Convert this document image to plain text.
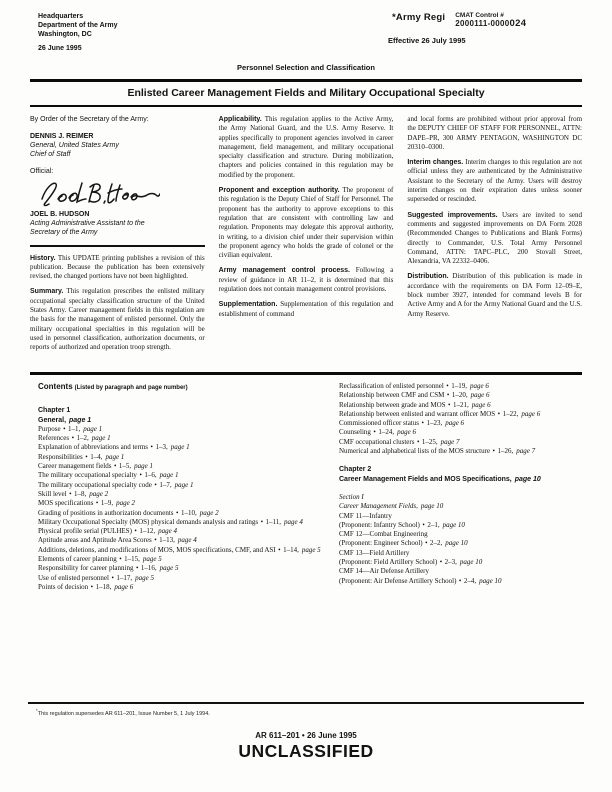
Headquarters
Department of the Army
Washington, DC
26 June 1995
*Army Regi CMAT Control #
2000111-0000024
Effective 26 July 1995
Personnel Selection and Classification
Enlisted Career Management Fields and Military Occupational Specialty
By Order of the Secretary of the Army:
DENNIS J. REIMER
General, United States Army
Chief of Staff
Official:
JOEL B. HUDSON
Acting Administrative Assistant to the
Secretary of the Army

History. This UPDATE printing publishes a revision of this publication. Because the publication has been extensively revised, the changed portions have not been highlighted.

Summary. This regulation prescribes the enlisted military occupational specialty classification structure of the United States Army. Career management fields in this regulation are the basis for the management of enlisted personnel. Only the military occupational specialties in this regulation will be used in personnel classification, authorization documents, or reports of authorized and operation troop strength.

Applicability. This regulation applies to the Active Army, the Army National Guard, and the U.S. Army Reserve. It applies specifically to proponent agencies involved in career management, field management, and military occupational specialty classification and structure. During mobilization, chapters and policies contained in this regulation may be modified by the proponent.

Proponent and exception authority. The proponent of this regulation is the Deputy Chief of Staff for Personnel. The proponent has the authority to approve exceptions to this regulation that are consistent with controlling law and regulation. Proponents may delegate this approval authority, in writing, to a division chief under their supervision within the proponent agency who holds the grade of colonel or the civilian equivalent.

Army management control process. Following a review of guidance in AR 11–2, it is determined that this regulation does not contain management control provisions.

Supplementation. Supplementation of this regulation and establishment of command

and local forms are prohibited without prior approval from the DEPUTY CHIEF OF STAFF FOR PERSONNEL, ATTN: DAPE–PR, 300 ARMY PENTAGON, WASHINGTON DC 20310–0300.

Interim changes. Interim changes to this regulation are not official unless they are authenticated by the Administrative Assistant to the Secretary of the Army. Users will destroy interim changes on their expiration dates unless sooner superseded or rescinded.

Suggested improvements. Users are invited to send comments and suggested improvements on DA Form 2028 (Recommended Changes to Publications and Blank Forms) directly to Commander, U.S. Total Army Personnel Command, ATTN: TAPC–PLC, 200 Stovall Street, Alexandria, VA 22332–0406.

Distribution. Distribution of this publication is made in accordance with the requirements on DA Form 12–09–E, block number 3927, intended for command levels B for Active Army and A for the Army National Guard and the U.S. Army Reserve.

Contents (Listed by paragraph and page number)
Chapter 1
General, page 1
Purpose • 1–1, page 1
References • 1–2, page 1
Explanation of abbreviations and terms • 1–3, page 1
Responsibilities • 1–4, page 1
Career management fields • 1–5, page 1
The military occupational specialty • 1–6, page 1
The military occupational specialty code • 1–7, page 1
Skill level • 1–8, page 2
MOS specifications • 1–9, page 2
Grading of positions in authorization documents • 1–10, page 2
Military Occupational Specialty (MOS) physical demands analysis and ratings • 1–11, page 4
Physical profile serial (PULHES) • 1–12, page 4
Aptitude areas and Aptitude Area Scores • 1–13, page 4
Additions, deletions, and modifications of MOS, MOS specifications, CMF, and ASI • 1–14, page 5
Elements of career planning • 1–15, page 5
Responsibility for career planning • 1–16, page 5
Use of enlisted personnel • 1–17, page 5
Points of decision • 1–18, page 6
Reclassification of enlisted personnel • 1–19, page 6
Relationship between CMF and CSM • 1–20, page 6
Relationship between grade and MOS • 1–21, page 6
Relationship between enlisted and warrant officer MOS • 1–22, page 6
Commissioned officer status • 1–23, page 6
Counseling • 1–24, page 6
CMF occupational clusters • 1–25, page 7
Numerical and alphabetical lists of the MOS structure • 1–26, page 7
Chapter 2
Career Management Fields and MOS Specifications, page 10
Section I
Career Management Fields, page 10
CMF 11—Infantry
(Proponent: Infantry School) • 2–1, page 10
CMF 12—Combat Engineering
(Proponent: Engineer School) • 2–2, page 10
CMF 13—Field Artillery
(Proponent: Field Artillery School) • 2–3, page 10
CMF 14—Air Defense Artillery
(Proponent: Air Defense Artillery School) • 2–4, page 10
*This regulation supersedes AR 611–201, Issue Number 5, 1 July 1994.
AR 611–201 • 26 June 1995
UNCLASSIFIED
